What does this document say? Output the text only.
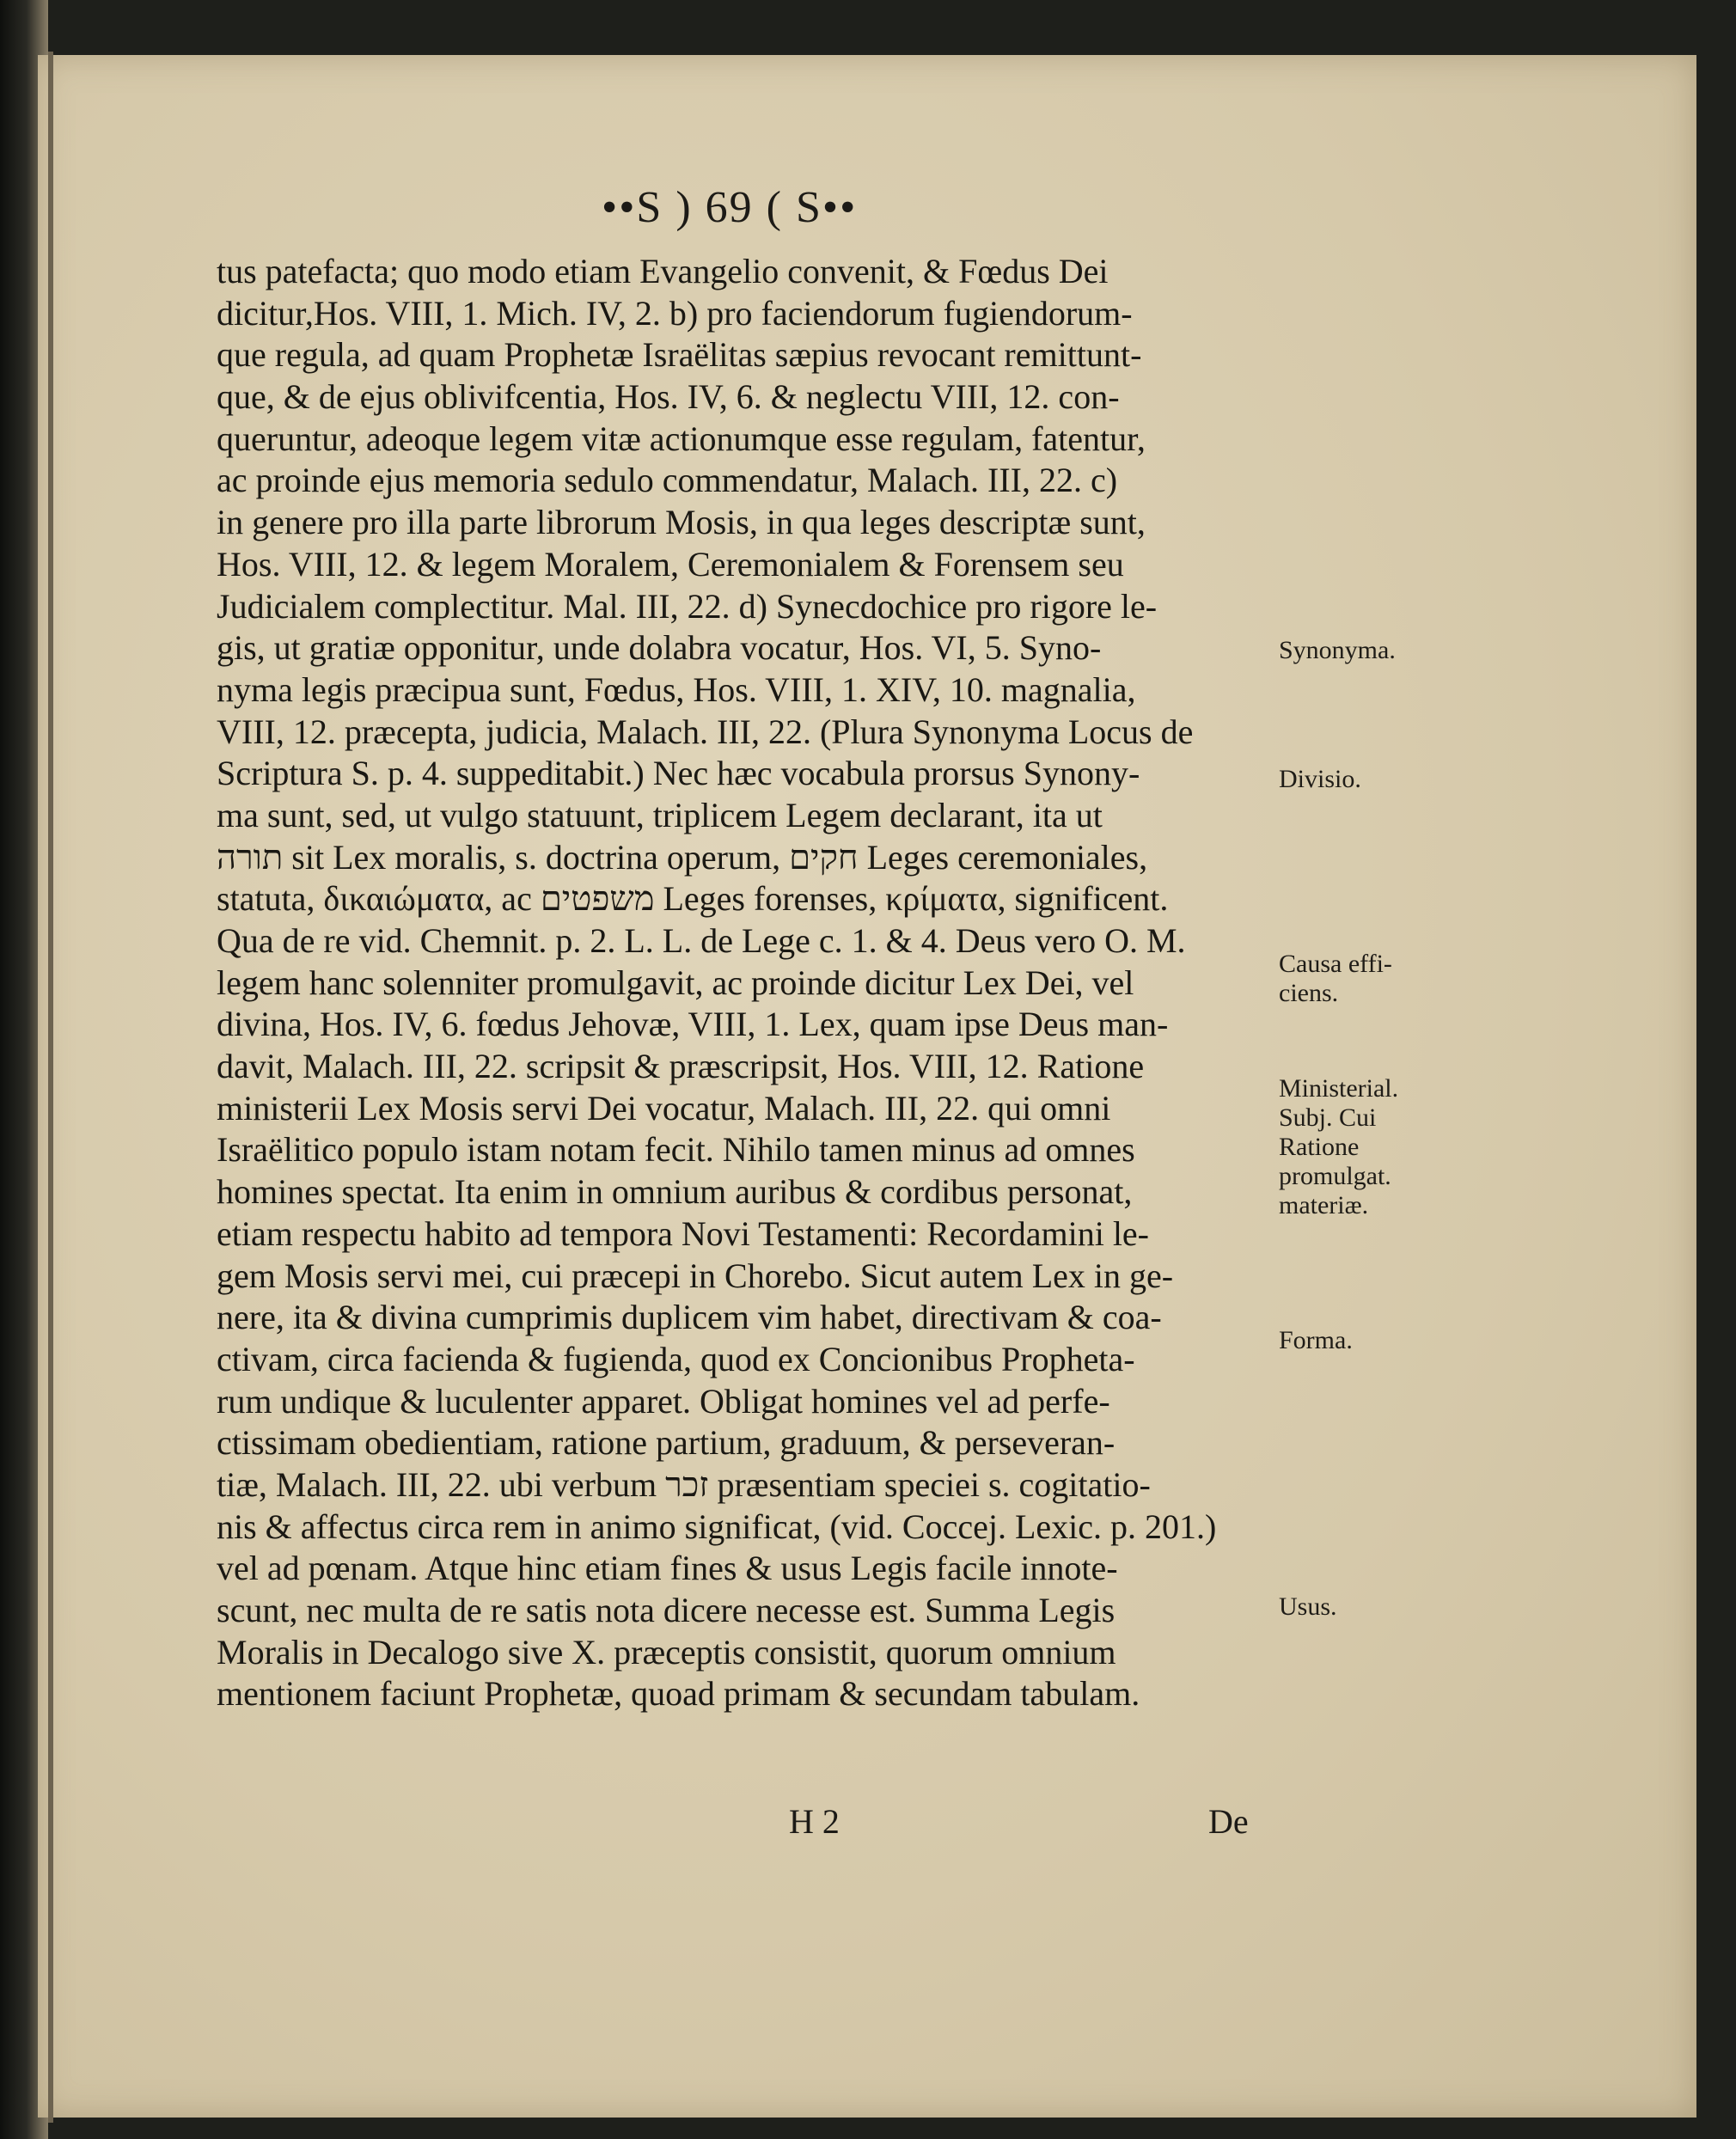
••S ) 69 ( S••
tus patefacta; quo modo etiam Evangelio convenit, & Fœdus Dei
dicitur,Hos. VIII, 1. Mich. IV, 2. b) pro faciendorum fugiendorum-
que regula, ad quam Prophetæ Israëlitas sæpius revocant remittunt-
que, & de ejus oblivifcentia, Hos. IV, 6. & neglectu VIII, 12. con-
queruntur, adeoque legem vitæ actionumque esse regulam, fatentur,
ac proinde ejus memoria sedulo commendatur, Malach. III, 22. c)
in genere pro illa parte librorum Mosis, in qua leges descriptæ sunt,
Hos. VIII, 12. & legem Moralem, Ceremonialem & Forensem seu
Judicialem complectitur. Mal. III, 22. d) Synecdochice pro rigore le-
gis, ut gratiæ opponitur, unde dolabra vocatur, Hos. VI, 5. Syno-
nyma legis præcipua sunt, Fœdus, Hos. VIII, 1. XIV, 10. magnalia,
VIII, 12. præcepta, judicia, Malach. III, 22. (Plura Synonyma Locus de
Scriptura S. p. 4. suppeditabit.) Nec hæc vocabula prorsus Synony-
ma sunt, sed, ut vulgo statuunt, triplicem Legem declarant, ita ut
תורה sit Lex moralis, s. doctrina operum, חקים Leges ceremoniales,
statuta, δικαιώματα, ac משפטים Leges forenses, κρίματα, significent.
Qua de re vid. Chemnit. p. 2. L. L. de Lege c. 1. & 4. Deus vero O. M.
legem hanc solenniter promulgavit, ac proinde dicitur Lex Dei, vel
divina, Hos. IV, 6. fœdus Jehovæ, VIII, 1. Lex, quam ipse Deus man-
davit, Malach. III, 22. scripsit & præscripsit, Hos. VIII, 12. Ratione
ministerii Lex Mosis servi Dei vocatur, Malach. III, 22. qui omni
Israëlitico populo istam notam fecit. Nihilo tamen minus ad omnes
homines spectat. Ita enim in omnium auribus & cordibus personat,
etiam respectu habito ad tempora Novi Testamenti: Recordamini le-
gem Mosis servi mei, cui præcepi in Chorebo. Sicut autem Lex in ge-
nere, ita & divina cumprimis duplicem vim habet, directivam & coa-
ctivam, circa facienda & fugienda, quod ex Concionibus Propheta-
rum undique & luculenter apparet. Obligat homines vel ad perfe-
ctissimam obedientiam, ratione partium, graduum, & perseveran-
tiæ, Malach. III, 22. ubi verbum זכר præsentiam speciei s. cogitatio-
nis & affectus circa rem in animo significat, (vid. Coccej. Lexic. p. 201.)
vel ad pœnam. Atque hinc etiam fines & usus Legis facile innote-
scunt, nec multa de re satis nota dicere necesse est. Summa Legis
Moralis in Decalogo sive X. præceptis consistit, quorum omnium
mentionem faciunt Prophetæ, quoad primam & secundam tabulam.
Synonyma.
Divisio.
Causa effi-ciens.
Ministerial. Subj. Cui Ratione promulgat. materiæ.
Forma.
Usus.
H 2	De
